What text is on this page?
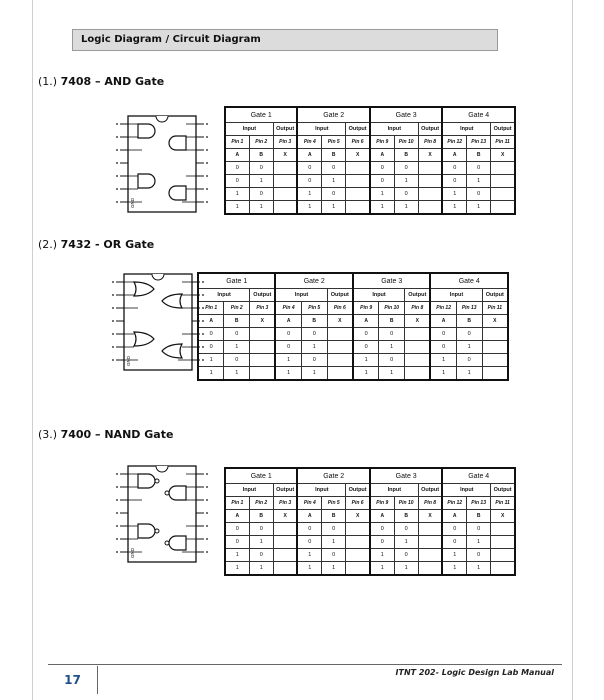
Logic Diagram / Circuit Diagram
(1.) 7408 – AND Gate
(2.) 7432 - OR Gate
(3.) 7400 – NAND Gate
GND
GND
GND
Gate 1			Gate 2			Gate 3			Gate 4		
Input		Output	Input		Output	Input		Output	Input		Output
Pin 1	Pin 2	Pin 3	Pin 4	Pin 5	Pin 6	Pin 9	Pin 10	Pin 8	Pin 12	Pin 13	Pin 11
A	B	X	A	B	X	A	B	X	A	B	X
0	0		0	0		0	0		0	0	
0	1		0	1		0	1		0	1	
1	0		1	0		1	0		1	0	
1	1		1	1		1	1		1	1	
Gate 1			Gate 2			Gate 3			Gate 4		
Input		Output	Input		Output	Input		Output	Input		Output
Pin 1	Pin 2	Pin 3	Pin 4	Pin 5	Pin 6	Pin 9	Pin 10	Pin 8	Pin 12	Pin 13	Pin 11
A	B	X	A	B	X	A	B	X	A	B	X
0	0		0	0		0	0		0	0	
0	1		0	1		0	1		0	1	
1	0		1	0		1	0		1	0	
1	1		1	1		1	1		1	1	
Gate 1			Gate 2			Gate 3			Gate 4		
Input		Output	Input		Output	Input		Output	Input		Output
Pin 1	Pin 2	Pin 3	Pin 4	Pin 5	Pin 6	Pin 9	Pin 10	Pin 8	Pin 12	Pin 13	Pin 11
A	B	X	A	B	X	A	B	X	A	B	X
0	0		0	0		0	0		0	0	
0	1		0	1		0	1		0	1	
1	0		1	0		1	0		1	0	
1	1		1	1		1	1		1	1	
17
ITNT 202- Logic Design Lab Manual
